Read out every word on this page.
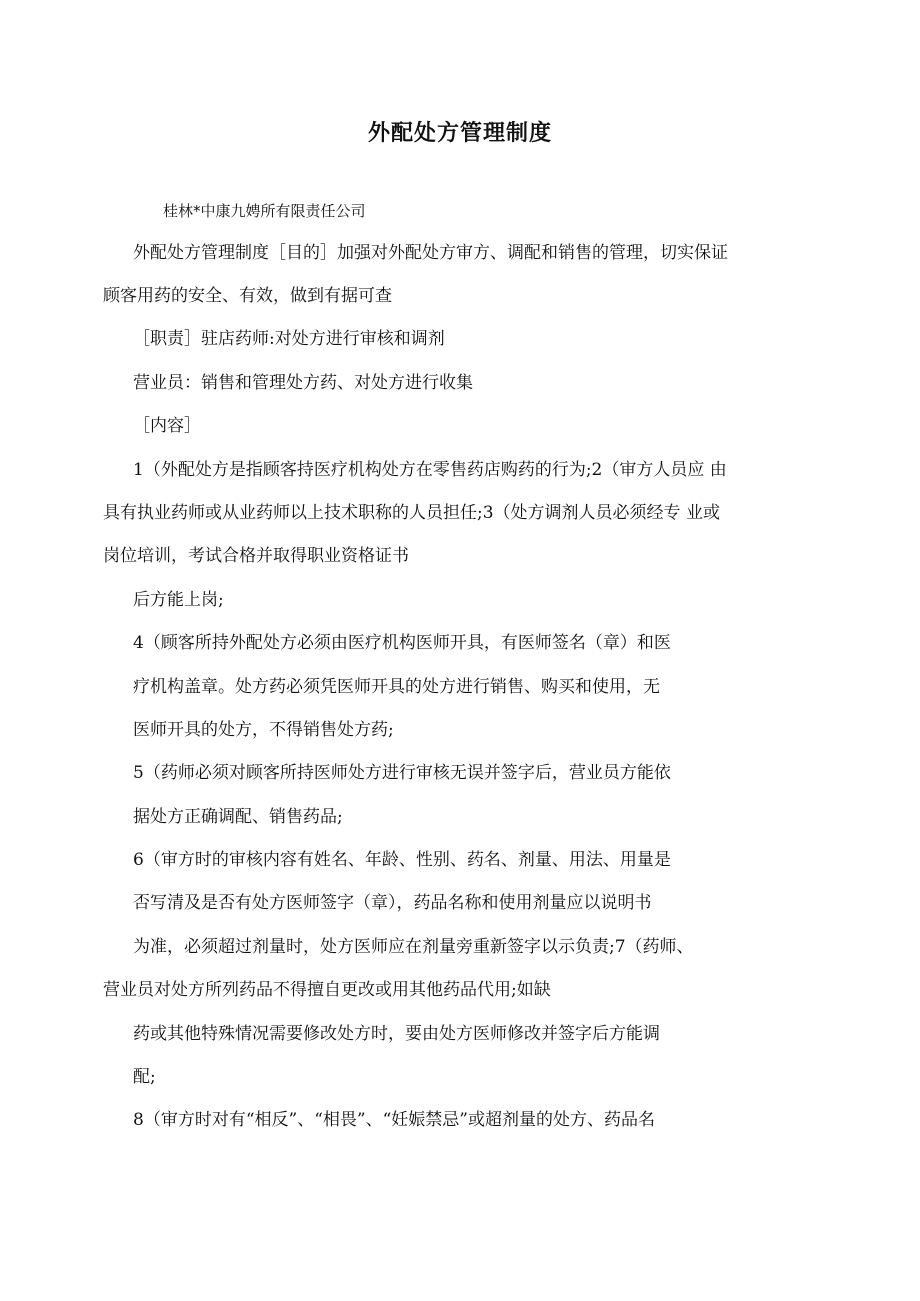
外配处方管理制度

桂林*中康九娉所有限责任公司

外配处方管理制度［目的］加强对外配处方审方、调配和销售的管理，切实保证

顾客用药的安全、有效，做到有据可查

［职责］驻店药师:对处方进行审核和调剂

营业员：销售和管理处方药、对处方进行收集

［内容］

1（外配处方是指顾客持医疗机构处方在零售药店购药的行为;2（审方人员应 由

具有执业药师或从业药师以上技术职称的人员担任;3（处方调剂人员必须经专 业或

岗位培训，考试合格并取得职业资格证书

后方能上岗;

4（顾客所持外配处方必须由医疗机构医师开具，有医师签名（章）和医

疗机构盖章。处方药必须凭医师开具的处方进行销售、购买和使用，无

医师开具的处方，不得销售处方药;

5（药师必须对顾客所持医师处方进行审核无误并签字后，营业员方能依

据处方正确调配、销售药品;

6（审方时的审核内容有姓名、年龄、性别、药名、剂量、用法、用量是

否写清及是否有处方医师签字（章），药品名称和使用剂量应以说明书

为准，必须超过剂量时，处方医师应在剂量旁重新签字以示负责;7（药师、

营业员对处方所列药品不得擅自更改或用其他药品代用;如缺

药或其他特殊情况需要修改处方时，要由处方医师修改并签字后方能调

配;

8（审方时对有“相反”、“相畏”、“妊娠禁忌”或超剂量的处方、药品名
